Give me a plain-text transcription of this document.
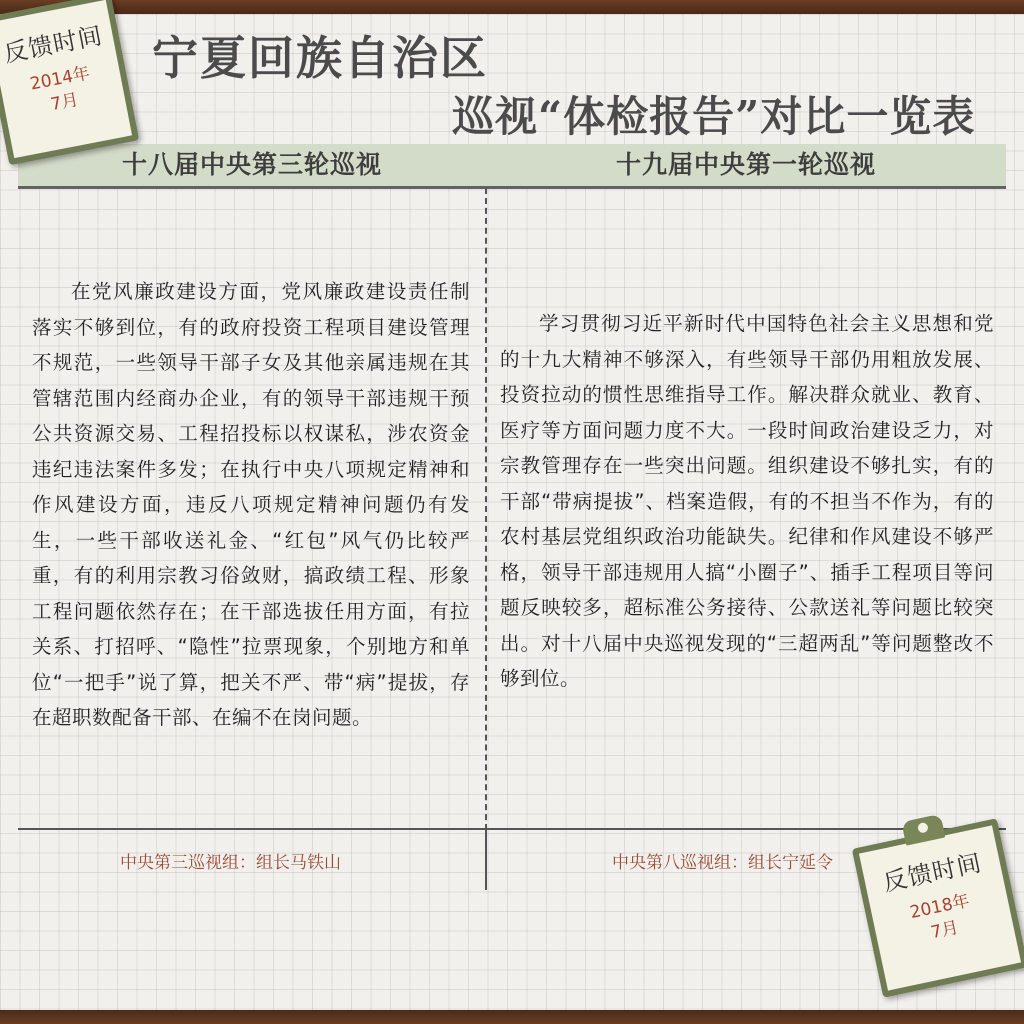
宁夏回族自治区
巡视“体检报告”对比一览表
十八届中央第三轮巡视	十九届中央第一轮巡视

在党风廉政建设方面，党风廉政建设责任制落实不够到位，有的政府投资工程项目建设管理不规范，一些领导干部子女及其他亲属违规在其管辖范围内经商办企业，有的领导干部违规干预公共资源交易、工程招投标以权谋私，涉农资金违纪违法案件多发；在执行中央八项规定精神和作风建设方面，违反八项规定精神问题仍有发生，一些干部收送礼金、“红包”风气仍比较严重，有的利用宗教习俗敛财，搞政绩工程、形象工程问题依然存在；在干部选拔任用方面，有拉关系、打招呼、“隐性”拉票现象，个别地方和单位“一把手”说了算，把关不严、带“病”提拔，存在超职数配备干部、在编不在岗问题。

学习贯彻习近平新时代中国特色社会主义思想和党的十九大精神不够深入，有些领导干部仍用粗放发展、投资拉动的惯性思维指导工作。解决群众就业、教育、医疗等方面问题力度不大。一段时间政治建设乏力，对宗教管理存在一些突出问题。组织建设不够扎实，有的干部“带病提拔”、档案造假，有的不担当不作为，有的农村基层党组织政治功能缺失。纪律和作风建设不够严格，领导干部违规用人搞“小圈子”、插手工程项目等问题反映较多，超标准公务接待、公款送礼等问题比较突出。对十八届中央巡视发现的“三超两乱”等问题整改不够到位。

中央第三巡视组：组长马铁山	中央第八巡视组：组长宁延令
反馈时间
2014年
7月
反馈时间
2018年
7月
